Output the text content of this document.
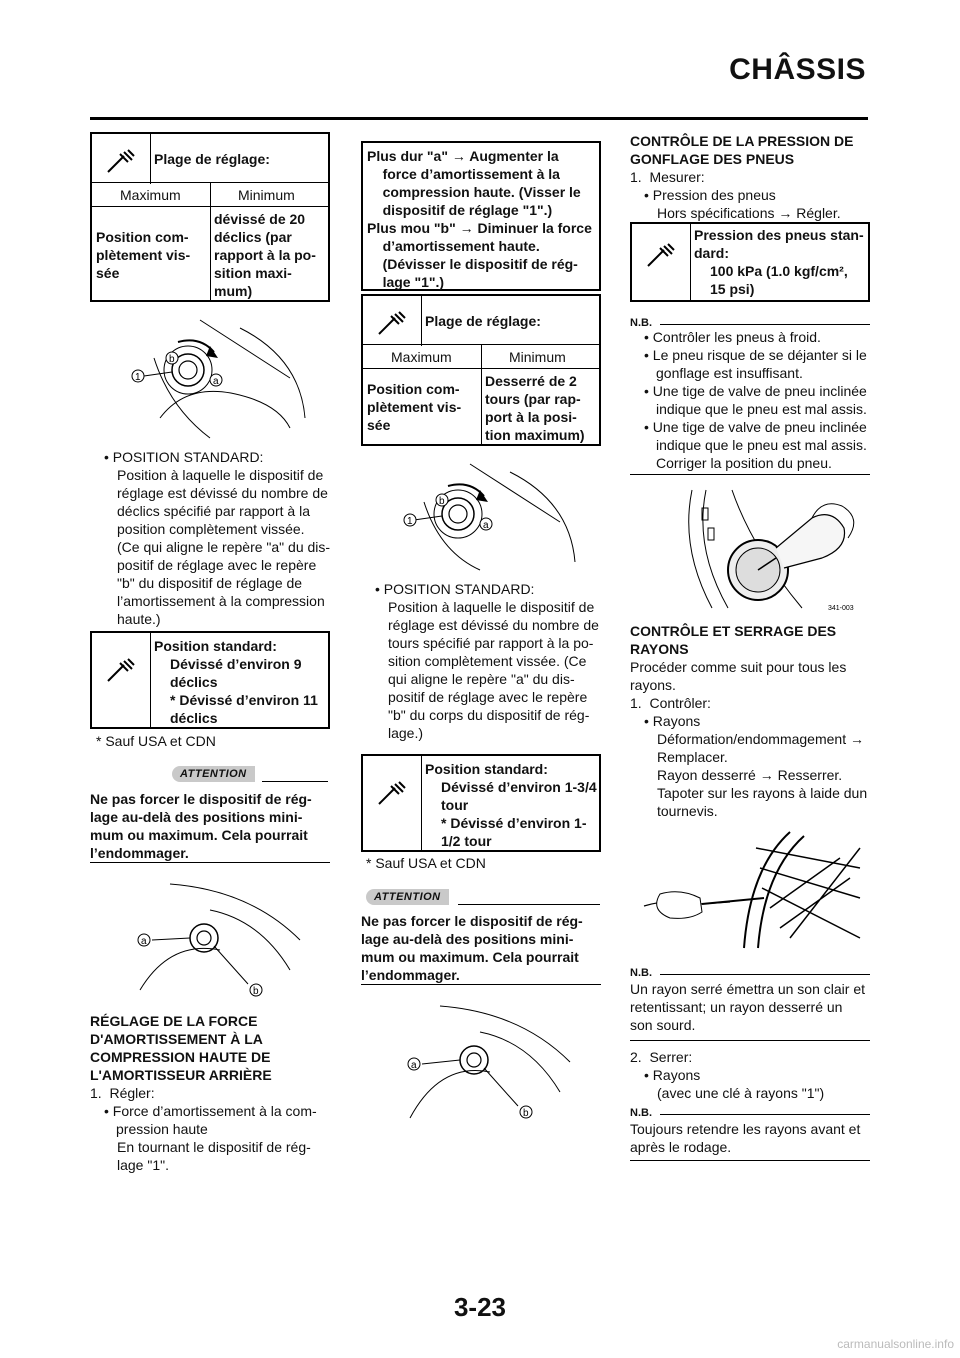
CHÂSSIS
Plage de réglage:
Maximum	Minimum
Position com-
plètement vis-
sée
dévissé de 20
déclics (par
rapport à la po-
sition maxi-
mum)
1
b
a
• POSITION STANDARD:
Position à laquelle le dispositif de
réglage est dévissé du nombre de
déclics spécifié par rapport à la
position complètement vissée.
(Ce qui aligne le repère "a" du dis-
positif de réglage avec le repère
"b" du dispositif de réglage de
l’amortissement à la compression
haute.)
Position standard:
Dévissé d’environ 9
déclics
* Dévissé d’environ 11
déclics
* Sauf USA et CDN
ATTENTION
Ne pas forcer le dispositif de rég-
lage au-delà des positions mini-
mum ou maximum. Cela pourrait
l’endommager.
a
b
RÉGLAGE DE LA FORCE
D'AMORTISSEMENT À LA
COMPRESSION HAUTE DE
L'AMORTISSEUR ARRIÈRE
1.  Régler:
• Force d’amortissement à la com-
pression haute
En tournant le dispositif de rég-
lage "1".
Plus dur "a" → Augmenter la
force d’amortissement à la
compression haute. (Visser le
dispositif de réglage "1".)
Plus mou "b" → Diminuer la force
d’amortissement haute.
(Dévisser le dispositif de rég-
lage "1".)
Plage de réglage:
Maximum	Minimum
Position com-
plètement vis-
sée
Desserré de 2
tours (par rap-
port à la posi-
tion maximum)
1
b
a
• POSITION STANDARD:
Position à laquelle le dispositif de
réglage est dévissé du nombre de
tours spécifié par rapport à la po-
sition complètement vissée. (Ce
qui aligne le repère "a" du dis-
positif de réglage avec le repère
"b" du corps du dispositif de rég-
lage.)
Position standard:
Dévissé d’environ 1-3/4
tour
* Dévissé d’environ 1-
1/2 tour
* Sauf USA et CDN
ATTENTION
Ne pas forcer le dispositif de rég-
lage au-delà des positions mini-
mum ou maximum. Cela pourrait
l’endommager.
a
b
CONTRÔLE DE LA PRESSION DE
GONFLAGE DES PNEUS
1.  Mesurer:
• Pression des pneus
Hors spécifications → Régler.
Pression des pneus stan-
dard:
100 kPa (1.0 kgf/cm²,
15 psi)
N.B.
• Contrôler les pneus à froid.
• Le pneu risque de se déjanter si le
gonflage est insuffisant.
• Une tige de valve de pneu inclinée
indique que le pneu est mal assis.
• Une tige de valve de pneu inclinée
indique que le pneu est mal assis.
Corriger la position du pneu.
341-003
CONTRÔLE ET SERRAGE DES
RAYONS
Procéder comme suit pour tous les
rayons.
1.  Contrôler:
• Rayons
Déformation/endommagement →
Remplacer.
Rayon desserré → Resserrer.
Tapoter sur les rayons à laide dun
tournevis.
N.B.
Un rayon serré émettra un son clair et
retentissant; un rayon desserré un
son sourd.
2.  Serrer:
• Rayons
(avec une clé à rayons "1")
N.B.
Toujours retendre les rayons avant et
après le rodage.
3-23
carmanualsonline.info
